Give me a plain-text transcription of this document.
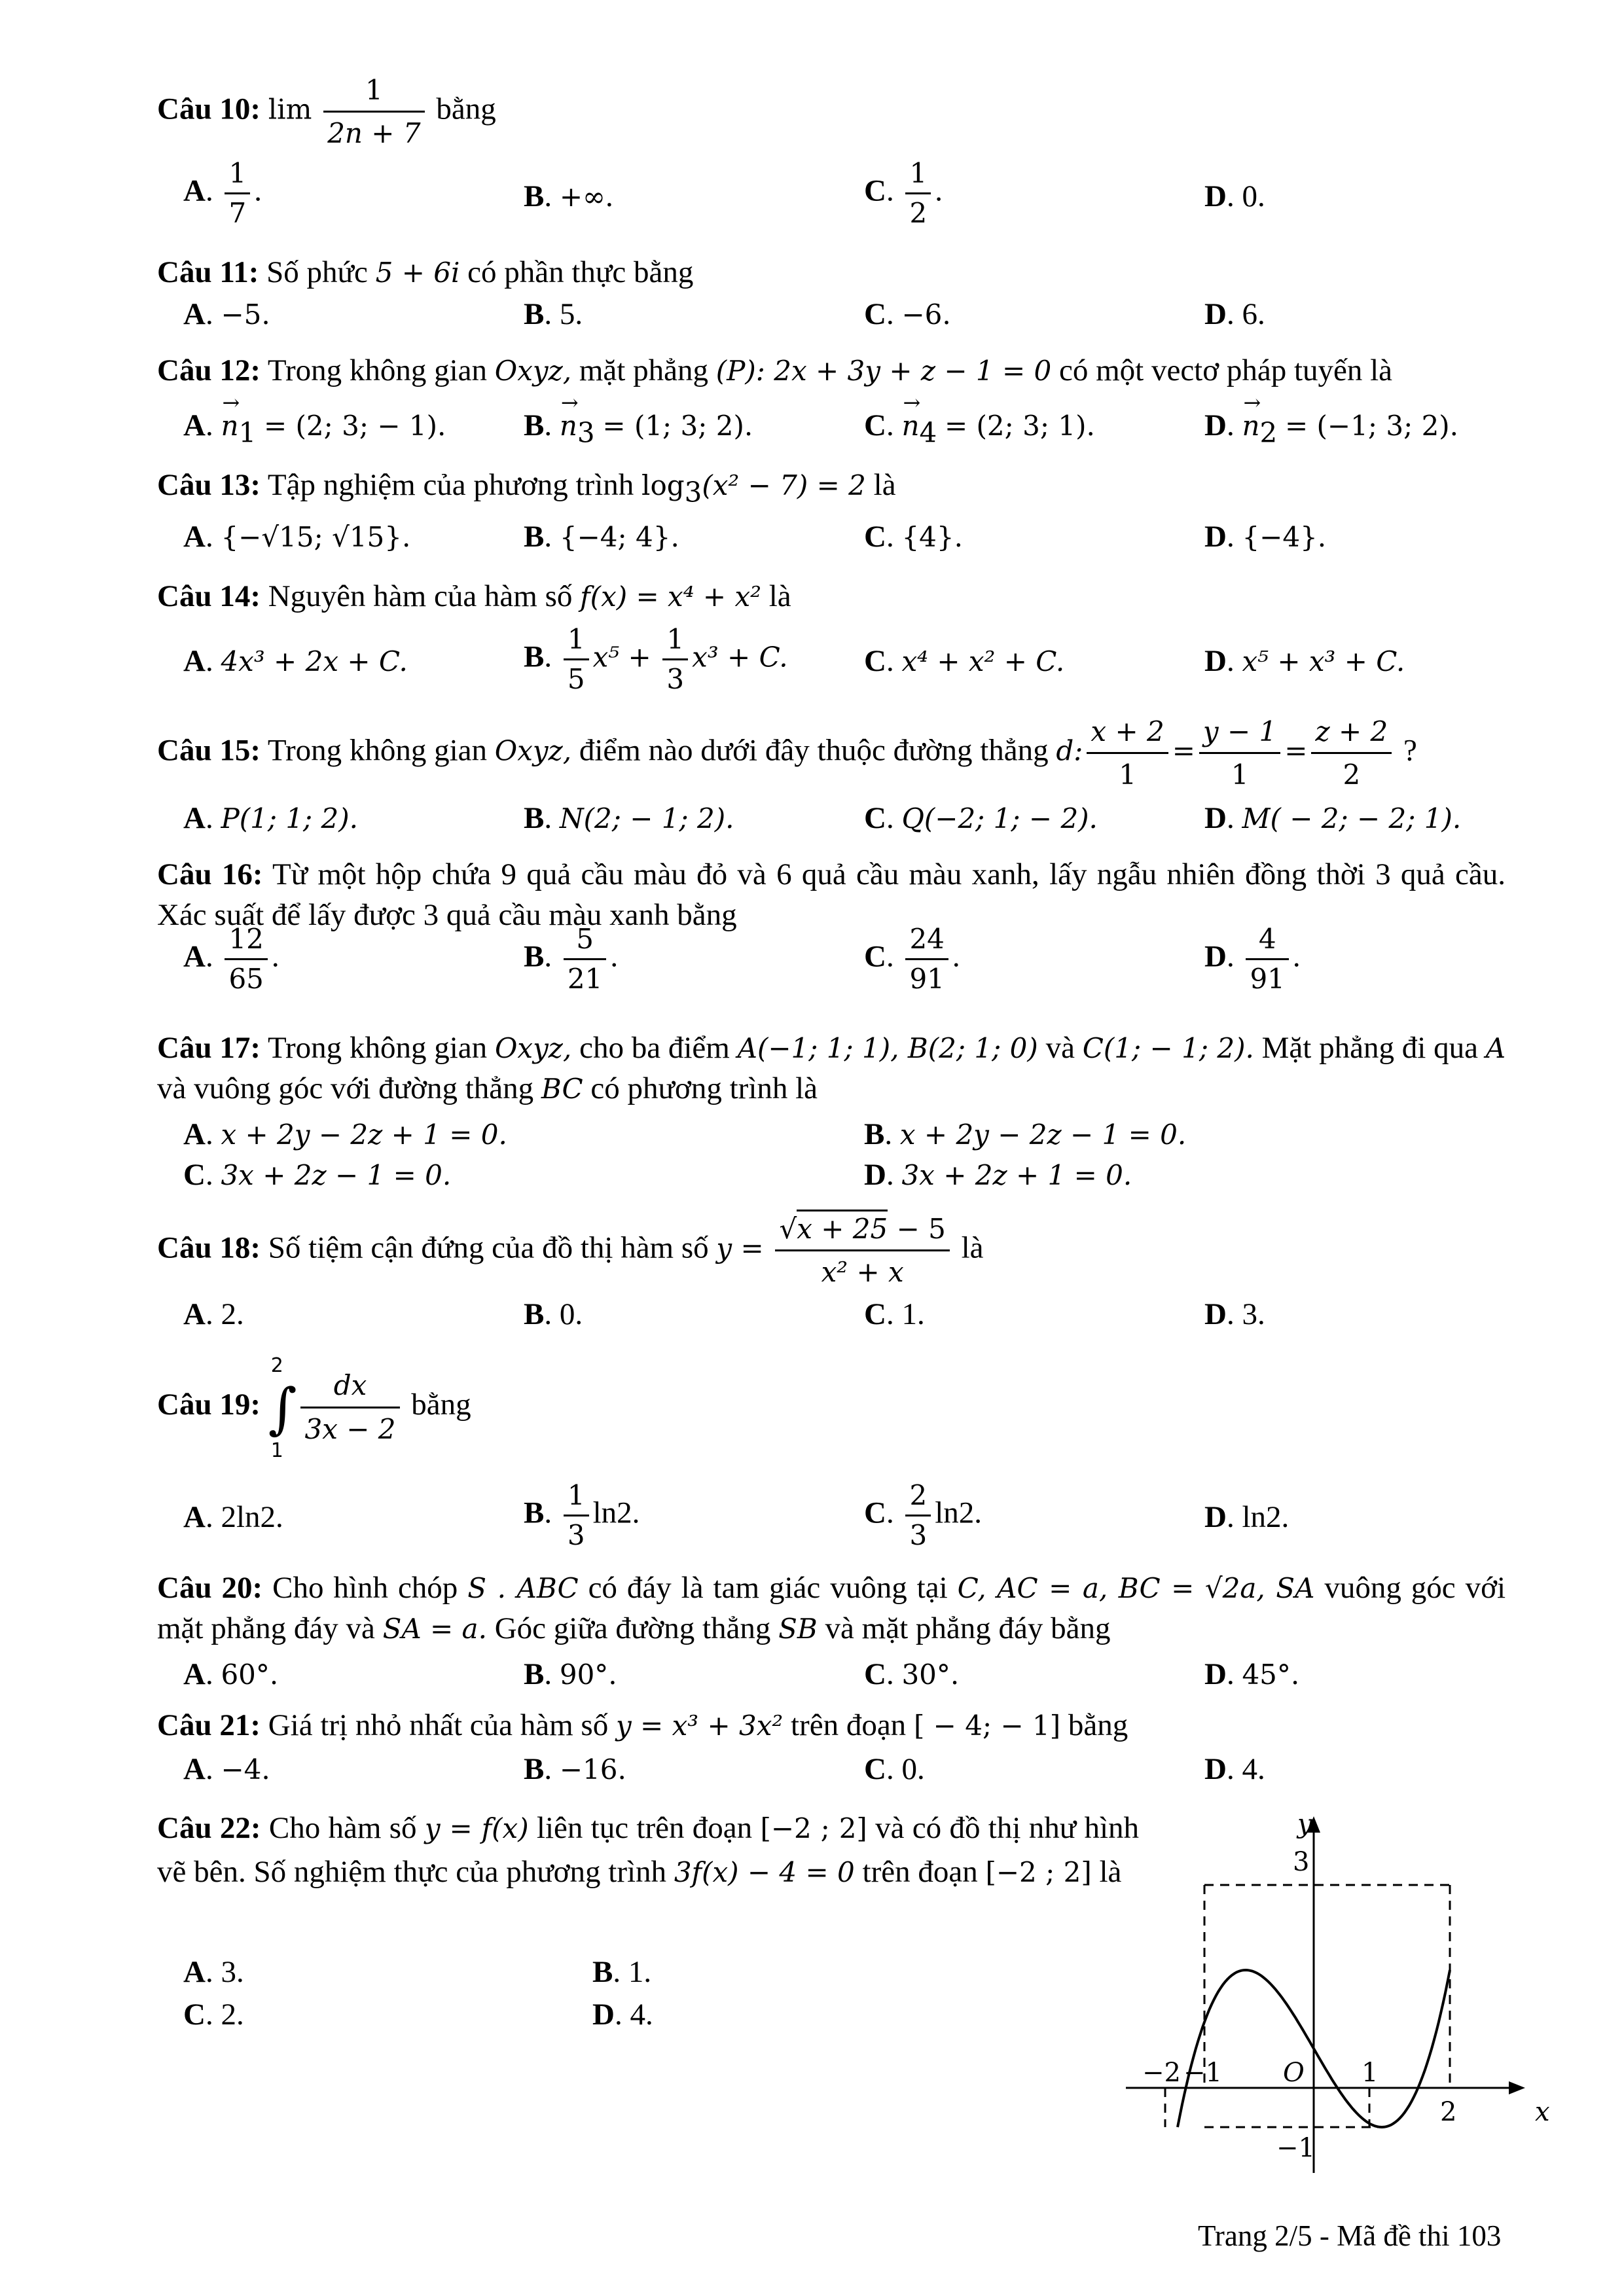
Câu 10: $\lim \frac{1}{2n + 7}$ bằng
A. $\frac{1}{7}$ .	B. +∞.	C. $\frac{1}{2}$ .	D. 0.
Câu 11: Số phức 5 + 6i có phần thực bằng
A. −5.	B. 5.	C. −6.	D. 6.
Câu 12: Trong không gian Oxyz, mặt phẳng (P): 2x + 3y + z − 1 = 0 có một vectơ pháp tuyến là
A. → $n_1 = (2$; 3; − 1).	B. → $n_3 = (1$; 3; 2).	C. → $n_4 = (2$; 3; 1).	D. → $n_2 = (-1$; 3; 2).
Câu 13: Tập nghiệm của phương trình $\log_3(x^2 - 7) = 2$ là
A. {−√15; √15}.	B. {−4; 4}.	C. {4}.	D. {−4}.
Câu 14: Nguyên hàm của hàm số f(x) = x⁴ + x² là
A. 4x³ + 2x + C.	B. $\frac{1}{5} x^5 + \frac{1}{3} x^3 + C$. C. x⁴ + x² + C.	D. x⁵ + x³ + C.
Câu 15: Trong không gian Oxyz, điểm nào dưới đây thuộc đường thẳng d: $\frac{x + 2}{1} = \frac{y - 1}{1} = \frac{z + 2}{2}$ ?
A. P(1; 1; 2).	B. N(2; − 1; 2).	C. Q(−2; 1; − 2).	D. M( − 2; − 2; 1).
Câu 16: Từ một hộp chứa 9 quả cầu màu đỏ và 6 quả cầu màu xanh, lấy ngẫu nhiên đồng thời 3 quả cầu. Xác suất để lấy được 3 quả cầu màu xanh bằng
A. $\frac{12}{65}$ .	B. $\frac{5}{21}$ .	C. $\frac{24}{91}$ .	D. $\frac{4}{91}$ .
Câu 17: Trong không gian Oxyz, cho ba điểm A(−1; 1; 1), B(2; 1; 0) và C(1; − 1; 2). Mặt phẳng đi qua A và vuông góc với đường thẳng BC có phương trình là
A. x + 2y − 2z + 1 = 0.	B. x + 2y − 2z − 1 = 0.
C. 3x + 2z − 1 = 0.	D. 3x + 2z + 1 = 0.
Câu 18: Số tiệm cận đứng của đồ thị hàm số $y = \frac{√x + 25 - 5}{\text{x² + x}}$ là
A. 2.	B. 0.	C. 1.	D. 3.
Câu 19: ∫
2
1

$\frac{dx}{3x - 2}$ bằng
A. 2ln2.	B. $\frac{1}{3} \ln 2$.	C. $\frac{2}{3} \ln 2$.	D. ln2.
Câu 20: Cho hình chóp S . ABC có đáy là tam giác vuông tại C, AC = a, BC = √2a, SA vuông góc với mặt phẳng đáy và SA = a. Góc giữa đường thẳng SB và mặt phẳng đáy bằng
A. 60°.	B. 90°.	C. 30°.	D. 45°.
Câu 21: Giá trị nhỏ nhất của hàm số y = x³ + 3x² trên đoạn [ − 4; − 1] bằng
A. −4.	B. −16.	C. 0.	D. 4.
Câu 22: Cho hàm số y = f(x) liên tục trên đoạn [−2 ; 2] và có đồ thị như hình vẽ bên. Số nghiệm thực của phương trình 3f(x) − 4 = 0 trên đoạn [−2 ; 2] là
A. 3.	B. 1.
C. 2.	D. 4.
y
3
−2 −1 O 1
2	x
−1
Trang 2/5 - Mã đề thi 103
